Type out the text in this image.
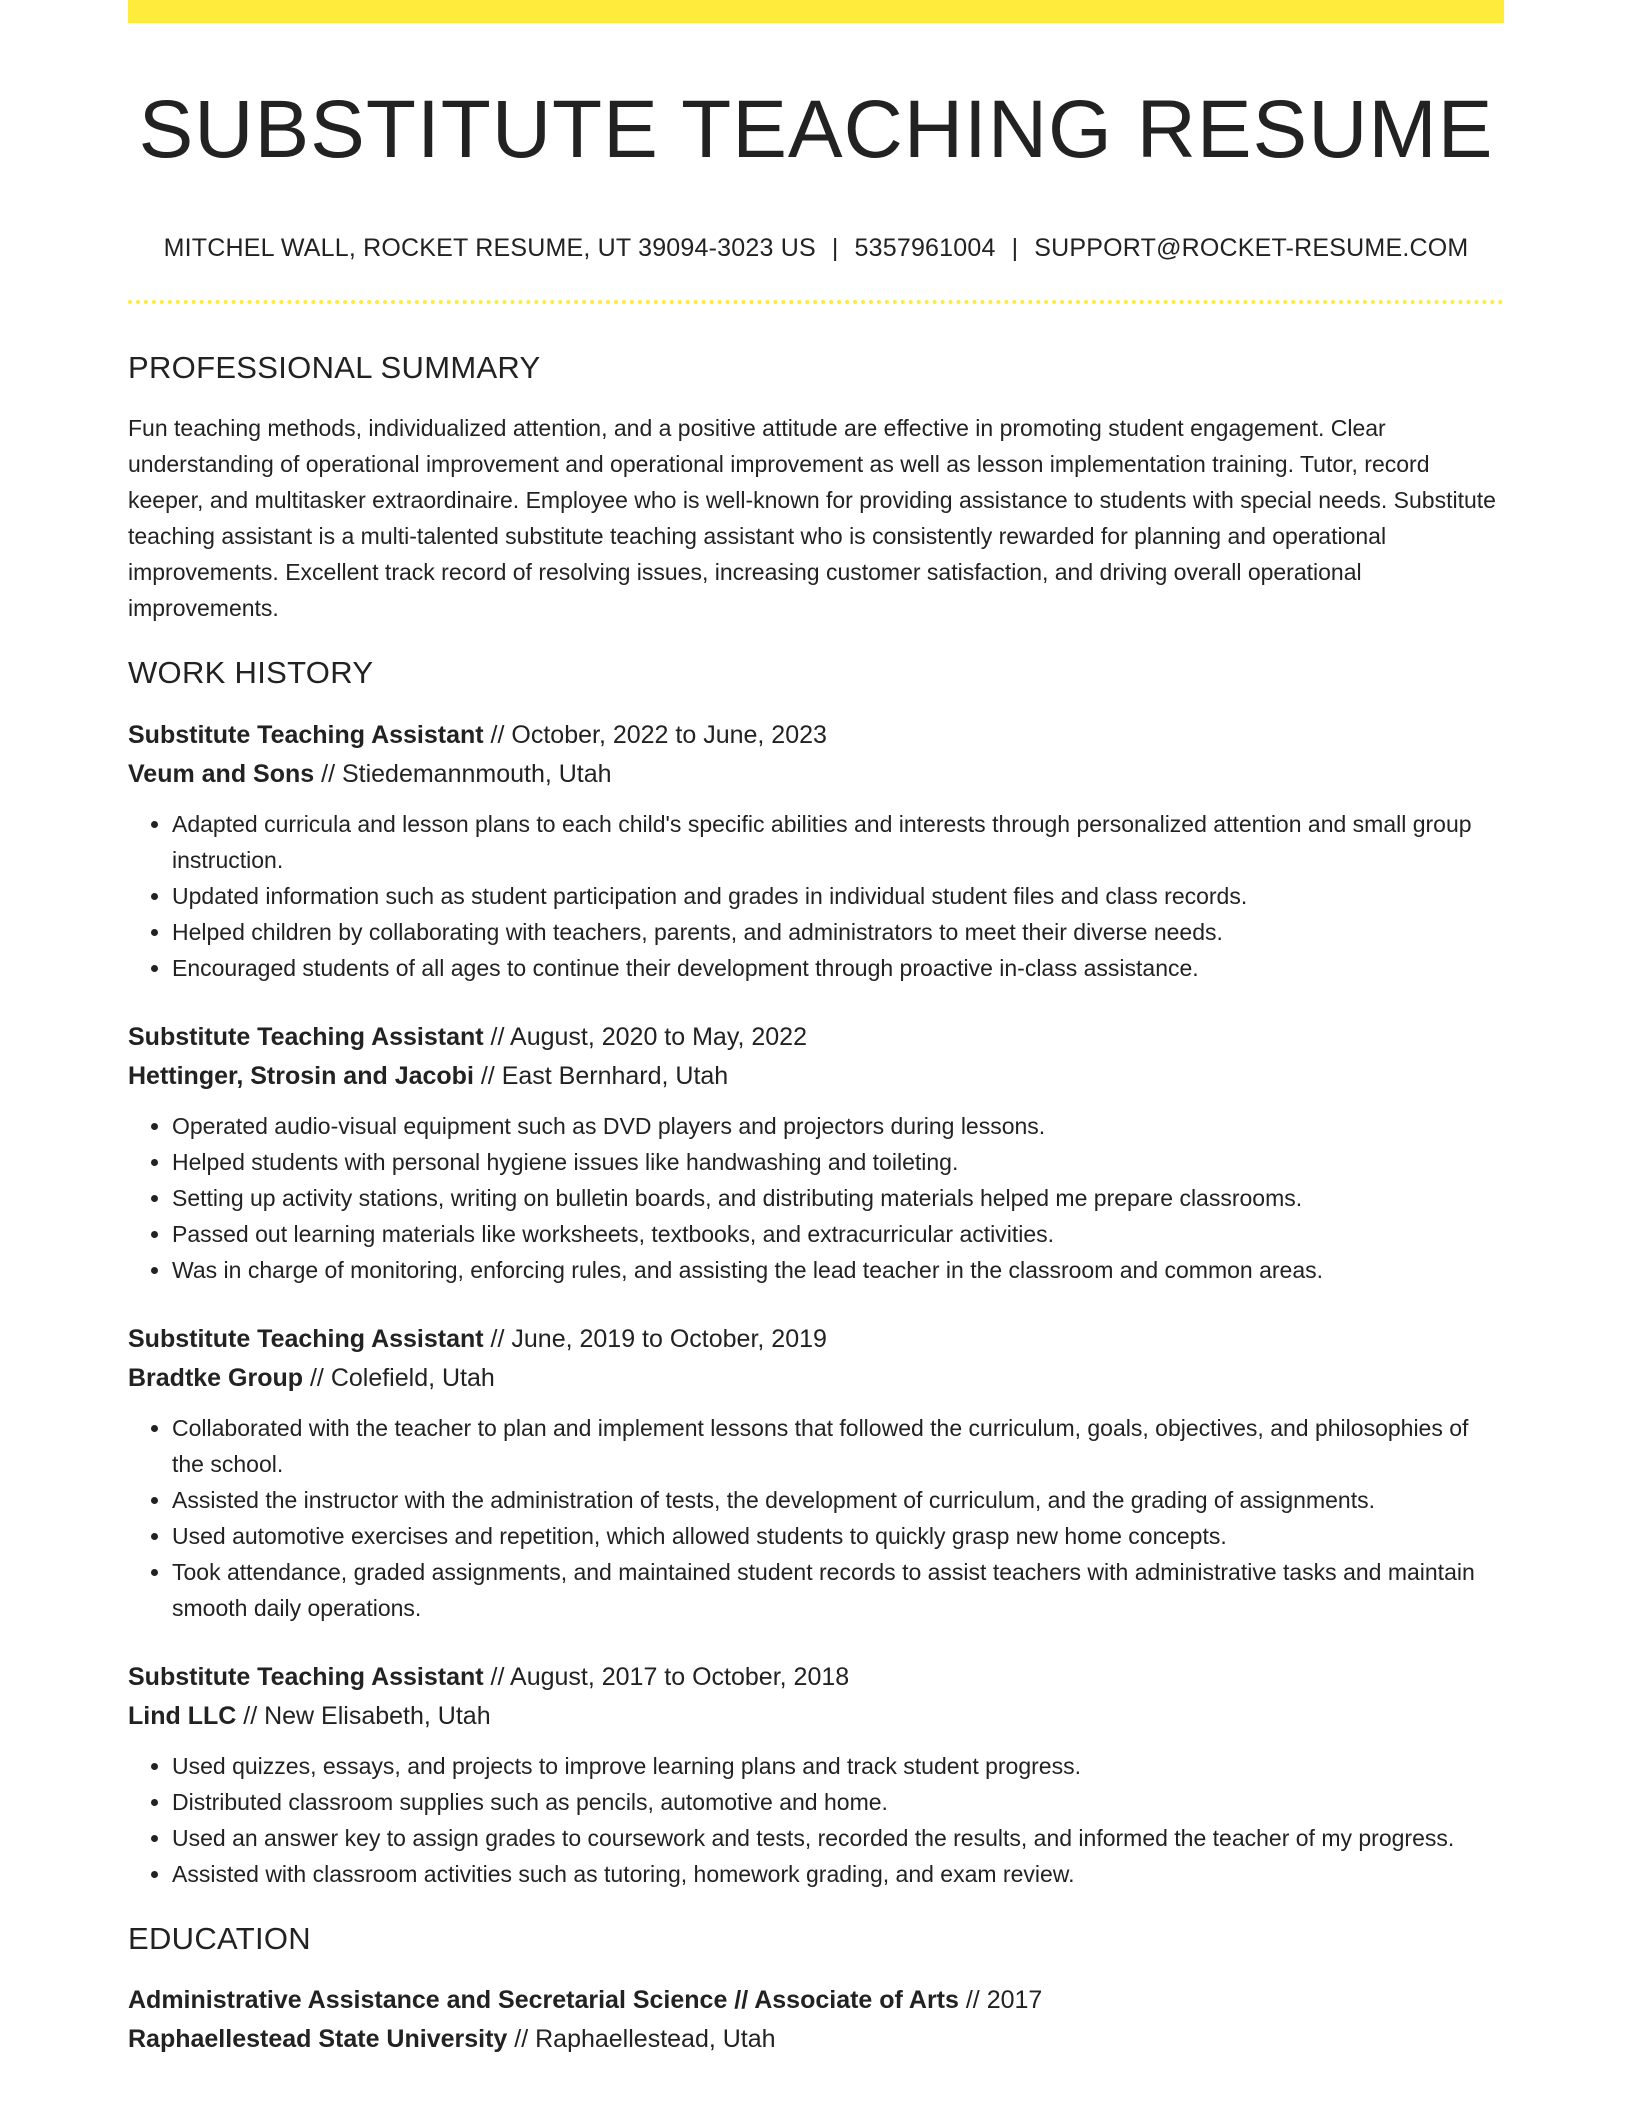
SUBSTITUTE TEACHING RESUME
MITCHEL WALL, ROCKET RESUME, UT 39094-3023 US | 5357961004 | SUPPORT@ROCKET-RESUME.COM
PROFESSIONAL SUMMARY

Fun teaching methods, individualized attention, and a positive attitude are effective in promoting student engagement. Clear understanding of operational improvement and operational improvement as well as lesson implementation training. Tutor, record keeper, and multitasker extraordinaire. Employee who is well-known for providing assistance to students with special needs. Substitute teaching assistant is a multi-talented substitute teaching assistant who is consistently rewarded for planning and operational improvements. Excellent track record of resolving issues, increasing customer satisfaction, and driving overall operational improvements.

WORK HISTORY
Substitute Teaching Assistant // October, 2022 to June, 2023
Veum and Sons // Stiedemannmouth, Utah
• Adapted curricula and lesson plans to each child's specific abilities and interests through personalized attention and small group instruction.
• Updated information such as student participation and grades in individual student files and class records.
• Helped children by collaborating with teachers, parents, and administrators to meet their diverse needs.
• Encouraged students of all ages to continue their development through proactive in-class assistance.
Substitute Teaching Assistant // August, 2020 to May, 2022
Hettinger, Strosin and Jacobi // East Bernhard, Utah
• Operated audio-visual equipment such as DVD players and projectors during lessons.
• Helped students with personal hygiene issues like handwashing and toileting.
• Setting up activity stations, writing on bulletin boards, and distributing materials helped me prepare classrooms.
• Passed out learning materials like worksheets, textbooks, and extracurricular activities.
• Was in charge of monitoring, enforcing rules, and assisting the lead teacher in the classroom and common areas.
Substitute Teaching Assistant // June, 2019 to October, 2019
Bradtke Group // Colefield, Utah
• Collaborated with the teacher to plan and implement lessons that followed the curriculum, goals, objectives, and philosophies of the school.
• Assisted the instructor with the administration of tests, the development of curriculum, and the grading of assignments.
• Used automotive exercises and repetition, which allowed students to quickly grasp new home concepts.
• Took attendance, graded assignments, and maintained student records to assist teachers with administrative tasks and maintain smooth daily operations.
Substitute Teaching Assistant // August, 2017 to October, 2018
Lind LLC // New Elisabeth, Utah
• Used quizzes, essays, and projects to improve learning plans and track student progress.
• Distributed classroom supplies such as pencils, automotive and home.
• Used an answer key to assign grades to coursework and tests, recorded the results, and informed the teacher of my progress.
• Assisted with classroom activities such as tutoring, homework grading, and exam review.
EDUCATION
Administrative Assistance and Secretarial Science // Associate of Arts // 2017
Raphaellestead State University // Raphaellestead, Utah
